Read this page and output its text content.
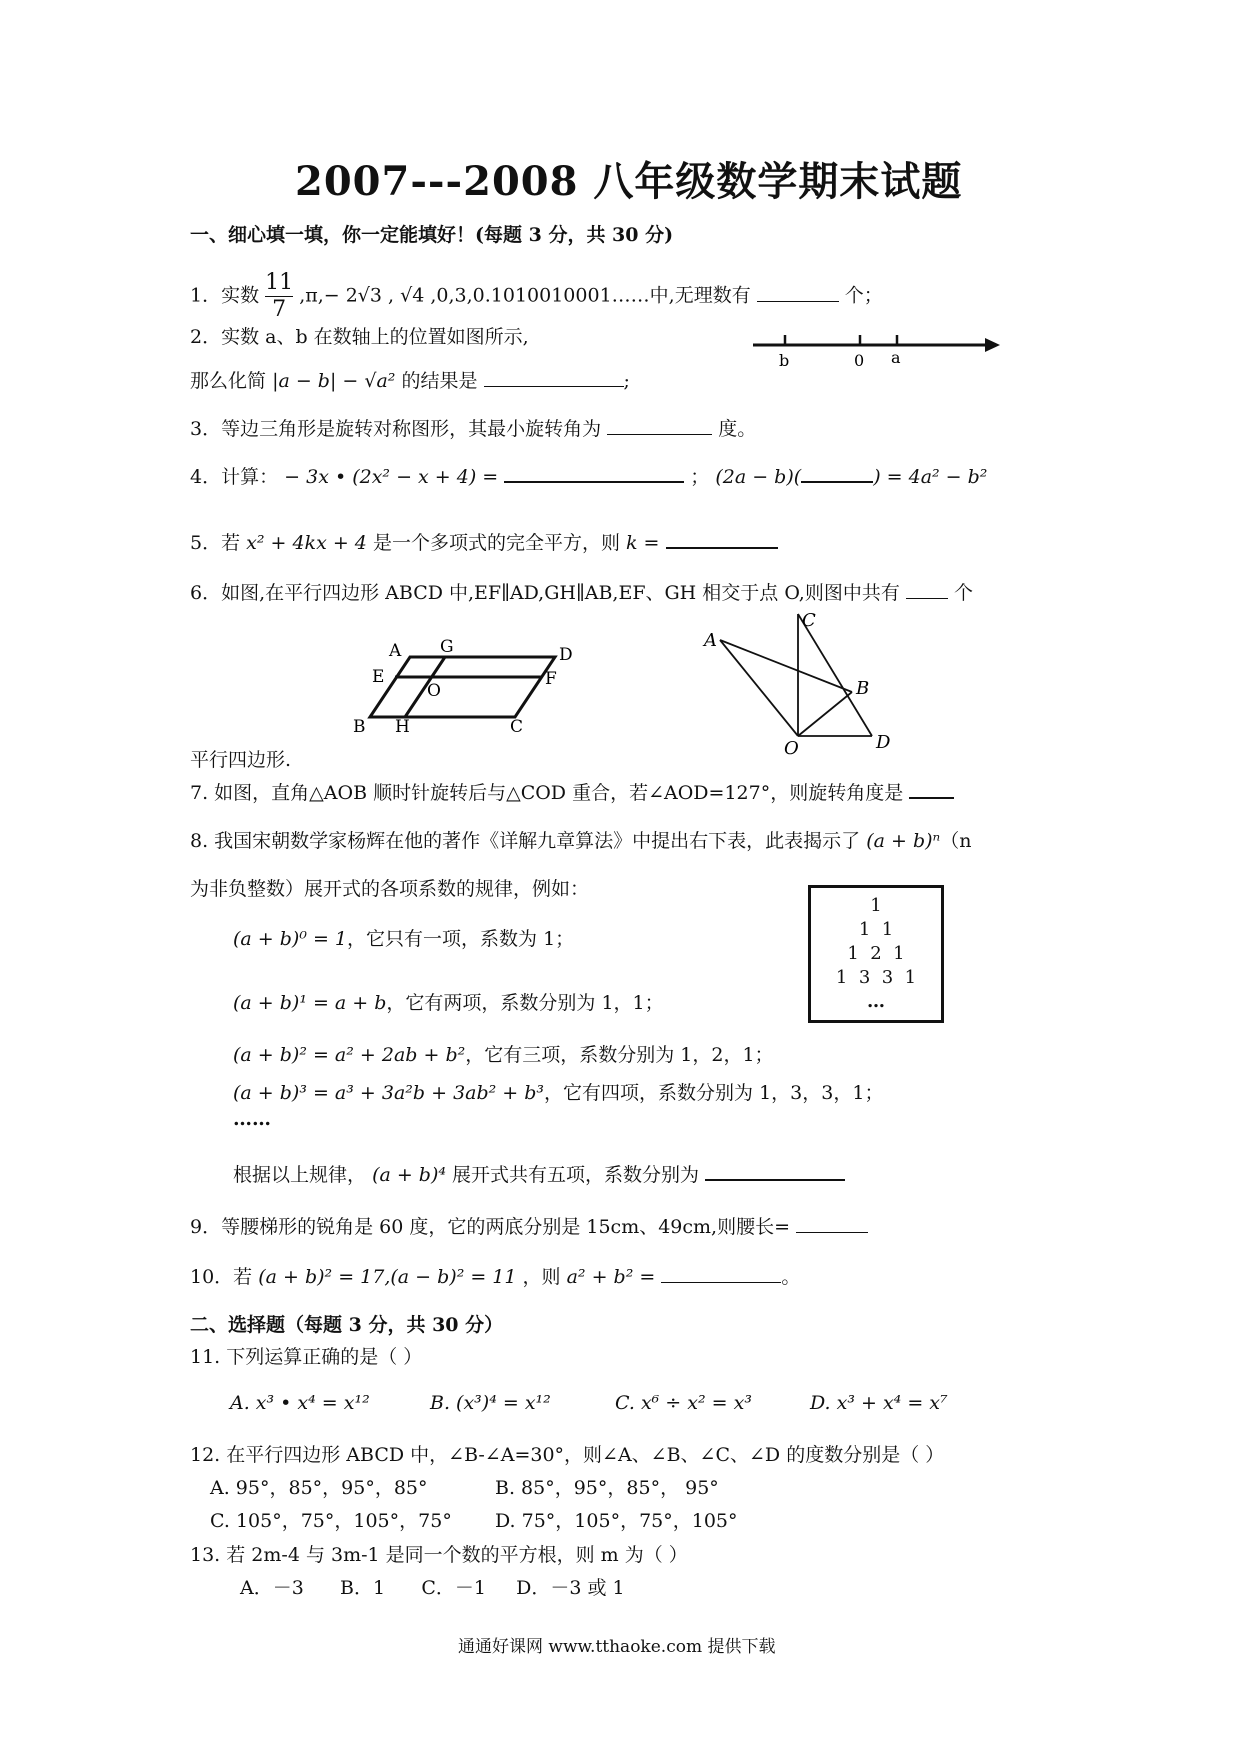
2007---2008 八年级数学期末试题
一、细心填一填，你一定能填好！(每题 3 分，共 30 分)
1．实数 $\frac{11}{7} ,\pi,- 2√3$ , √4 ,0,3,0.1010010001……中,无理数有	个；
2．实数 a、b 在数轴上的位置如图所示,
b	0 a
那么化简 |a − b| − √a² 的结果是	;
3．等边三角形是旋转对称图形，其最小旋转角为	度。
4．计算： − 3x • (2x² − x + 4) =	； (2a − b)(	) = 4a² − b²
5．若 x² + 4kx + 4 是一个多项式的完全平方，则 k =
6．如图,在平行四边形 ABCD 中,EF∥AD,GH∥AB,EF、GH 相交于点 O,则图中共有	个
A G	D
E
O
F
B H	C
C
A
B
O	D
平行四边形.
7. 如图，直角△AOB 顺时针旋转后与△COD 重合，若∠AOD=127°，则旋转角度是
8. 我国宋朝数学家杨辉在他的著作《详解九章算法》中提出右下表，此表揭示了 (a + b)ⁿ（n
为非负整数）展开式的各项系数的规律，例如：
(a + b)⁰ = 1，它只有一项，系数为 1；
(a + b)¹ = a + b，它有两项，系数分别为 1，1；
(a + b)² = a² + 2ab + b²，它有三项，系数分别为 1，2，1；
(a + b)³ = a³ + 3a²b + 3ab² + b³，它有四项，系数分别为 1，3，3，1；
……
根据以上规律， (a + b)⁴ 展开式共有五项，系数分别为
1
1  1
1  2  1
1  3  3  1
…
9．等腰梯形的锐角是 60 度，它的两底分别是 15cm、49cm,则腰长=
10．若 (a + b)² = 17,(a − b)² = 11 ，则 a² + b² =	。
二、选择题（每题 3 分，共 30 分）
11. 下列运算正确的是（ ）
A. x³ • x⁴ = x¹²	B. (x³)⁴ = x¹²	C. x⁶ ÷ x² = x³	D. x³ + x⁴ = x⁷
12. 在平行四边形 ABCD 中，∠B-∠A=30°，则∠A、∠B、∠C、∠D 的度数分别是（ ）
A. 95°，85°，95°，85°	B. 85°，95°，85°， 95°
C. 105°，75°，105°，75° D. 75°，105°，75°，105°
13. 若 2m-4 与 3m-1 是同一个数的平方根，则 m 为（ ）
A．－3      B．1      C．－1     D．－3 或 1
通通好课网 www.tthaoke.com 提供下载
